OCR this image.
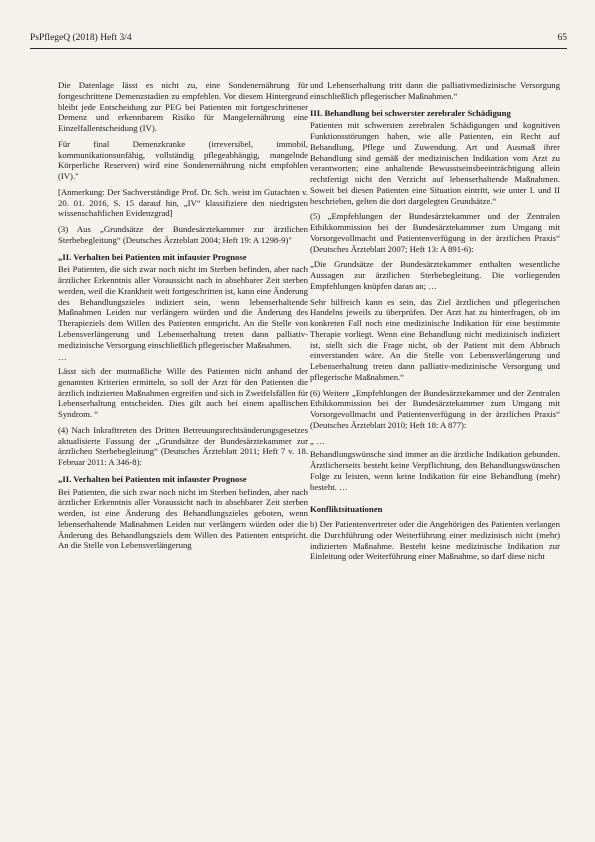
PsPflegeQ (2018) Heft 3/4	65

Die Datenlage lässt es nicht zu, eine Sondenernährung für fortgeschrittene Demenzstadien zu empfehlen. Vor diesem Hintergrund bleibt jede Entscheidung zur PEG bei Patienten mit fortgeschrittener Demenz und erkennbarem Risiko für Mangelernährung eine Einzelfallentscheidung (IV).

Für final Demenzkranke (irreversibel, immobil, kommunikationsunfähig, vollständig pflegeabhängig, mangelnde Körperliche Reserven) wird eine Sondenernährung nicht empfohlen (IV)."

[Anmerkung: Der Sachverständige Prof. Dr. Sch. weist im Gutachten v. 20. 01. 2016, S. 15 darauf hin, „IV“ klassifiziere den niedrigsten wissenschaftlichen Evidenzgrad]

(3) Aus „Grundsätze der Bundesärztekammer zur ärztlichen Sterbebegleitung“ (Deutsches Ärzteblatt 2004; Heft 19: A 1298-9)"

„II. Verhalten bei Patienten mit infauster Prognose

Bei Patienten, die sich zwar noch nicht im Sterben befinden, aber nach ärztlicher Erkenntnis aller Voraussicht nach in absehbarer Zeit sterben werden, weil die Krankheit weit fortgeschritten ist, kann eine Änderung des Behandlungszieles indiziert sein, wenn lebenserhaltende Maßnahmen Leiden nur verlängern würden und die Änderung des Therapieziels dem Willen des Patienten entspricht. An die Stelle von Lebensverlängerung und Lebenserhaltung treten dann palliativ-medizinische Versorgung einschließlich pflegerischer Maßnahmen.

…

Lässt sich der mutmaßliche Wille des Patienten nicht anhand der genannten Kriterien ermitteln, so soll der Arzt für den Patienten die ärztlich indizierten Maßnahmen ergreifen und sich in Zweifelsfällen für Lebenserhaltung entscheiden. Dies gilt auch bei einem apallischen Syndrom. “

(4) Nach Inkrafttreten des Dritten Betreuungsrechtsänderungsgesetzes aktualisierte Fassung der „Grundsätze der Bundesärztekammer zur ärztlichen Sterbebegleitung“ (Deutsches Ärzteblatt 2011; Heft 7 v. 18. Februar 2011: A 346-8):

„II. Verhalten bei Patienten mit infauster Prognose

Bei Patienten, die sich zwar noch nicht im Sterben befinden, aber nach ärztlicher Erkenntnis aller Voraussicht nach in absehbarer Zeit sterben werden, ist eine Änderung des Behandlungszieles geboten, wenn lebenserhaltende Maßnahmen Leiden nur verlängern würden oder die Änderung des Behandlungsziels dem Willen des Patienten entspricht. An die Stelle von Lebensverlängerung

und Lebenserhaltung tritt dann die palliativmedizinische Versorgung einschließlich pflegerischer Maßnahmen.“

III. Behandlung bei schwerster zerebraler Schädigung

Patienten mit schwersten zerebralen Schädigungen und kognitiven Funktionsstörungen haben, wie alle Patienten, ein Recht auf Behandlung, Pflege und Zuwendung. Art und Ausmaß ihrer Behandlung sind gemäß der medizinischen Indikation vom Arzt zu verantworten; eine anhaltende Bewusstseinsbeeinträchtigung allein rechtfertigt nicht den Verzicht auf lebenserhaltende Maßnahmen. Soweit bei diesen Patienten eine Situation eintritt, wie unter I. und II beschrieben, gelten die dort dargelegten Grundsätze.“

(5) „Empfehlungen der Bundesärztekammer und der Zentralen Ethikkommission bei der Bundesärztekammer zum Umgang mit Vorsorgevollmacht und Patientenverfügung in der ärztlichen Praxis“ (Deutsches Ärzteblatt 2007; Heft 13: A 891-6):

„Die Grundsätze der Bundesärztekammer enthalten wesentliche Aussagen zur ärztlichen Sterbebegleitung. Die vorliegenden Empfehlungen knüpfen daran an; …

Sehr hilfreich kann es sein, das Ziel ärztlichen und pflegerischen Handelns jeweils zu überprüfen. Der Arzt hat zu hinterfragen, ob im konkreten Fall noch eine medizinische Indikation für eine bestimmte Therapie vorliegt. Wenn eine Behandlung nicht medizinisch indiziert ist, stellt sich die Frage nicht, ob der Patient mit dem Abbruch einverstanden wäre. An die Stelle von Lebensverlängerung und Lebenserhaltung treten dann palliativ-medizinische Versorgung und pflegerische Maßnahmen.“

(6) Weitere „Empfehlungen der Bundesärztekammer und der Zentralen Ethikkommission bei der Bundesärztekammer zum Umgang mit Vorsorgevollmacht und Patientenverfügung in der ärztlichen Praxis“ (Deutsches Ärzteblatt 2010; Heft 18: A 877):

„ …

Behandlungswünsche sind immer an die ärztliche Indikation gebunden. Ärztlicherseits besteht keine Verpflichtung, den Behandlungswünschen Folge zu leisten, wenn keine Indikation für eine Behandlung (mehr) besteht. …

Konfliktsituationen

b) Der Patientenvertreter oder die Angehörigen des Patienten verlangen die Durchführung oder Weiterführung einer medizinisch nicht (mehr) indizierten Maßnahme. Besteht keine medizinische Indikation zur Einleitung oder Weiterführung einer Maßnahme, so darf diese nicht
